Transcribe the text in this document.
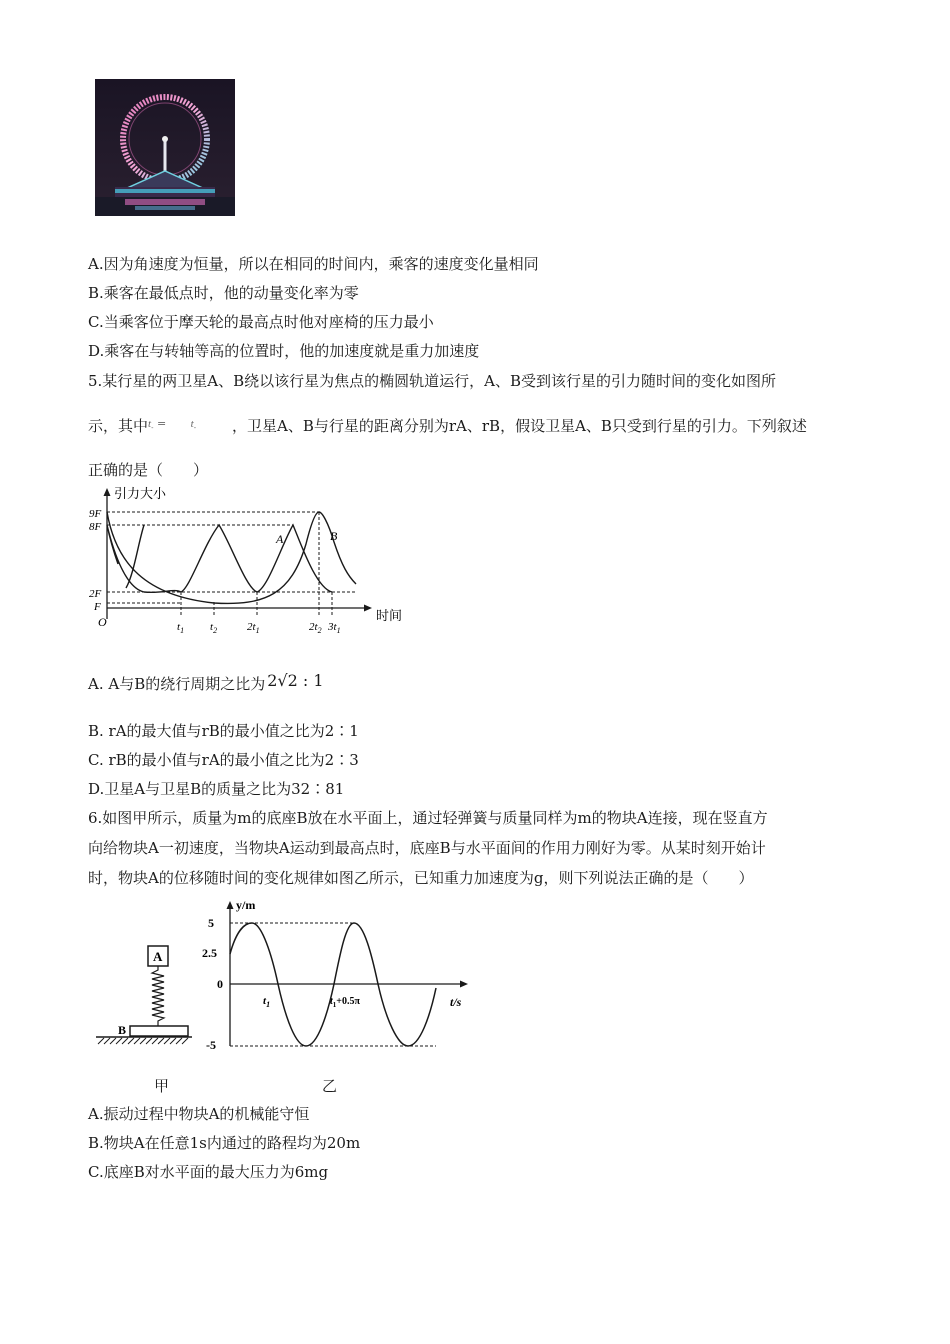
A.因为角速度为恒量，所以在相同的时间内，乘客的速度变化量相同
B.乘客在最低点时，他的动量变化率为零
C.当乘客位于摩天轮的最高点时他对座椅的压力最小
D.乘客在与转轴等高的位置时，他的加速度就是重力加速度
5.某行星的两卫星A、B绕以该行星为焦点的椭圆轨道运行，A、B受到该行星的引力随时间的变化如图所
示，其中$t_-$ =       $t_-$ ，卫星A、B与行星的距离分别为rA、rB，假设卫星A、B只受到行星的引力。下列叙述
正确的是（　　）
引力大小
时间
O
9F
8F
2F
F
$t_1$ $t_2$	$2t_1$	$2t_2$ $3t_1$
A	B
A. A与B的绕行周期之比为 2√2 : 1
B. rA的最大值与rB的最小值之比为2∶1
C. rB的最小值与rA的最小值之比为2∶3
D.卫星A与卫星B的质量之比为32∶81
6.如图甲所示，质量为m的底座B放在水平面上，通过轻弹簧与质量同样为m的物块A连接，现在竖直方
向给物块A一初速度，当物块A运动到最高点时，底座B与水平面间的作用力刚好为零。从某时刻开始计
时，物块A的位移随时间的变化规律如图乙所示，已知重力加速度为g，则下列说法正确的是（　　）
A
B
y/m
t/s
5
2.5
0
-5
$t_1$	$t_1+0.5\pi$
甲	乙
A.振动过程中物块A的机械能守恒
B.物块A在任意1s内通过的路程均为20m
C.底座B对水平面的最大压力为6mg
